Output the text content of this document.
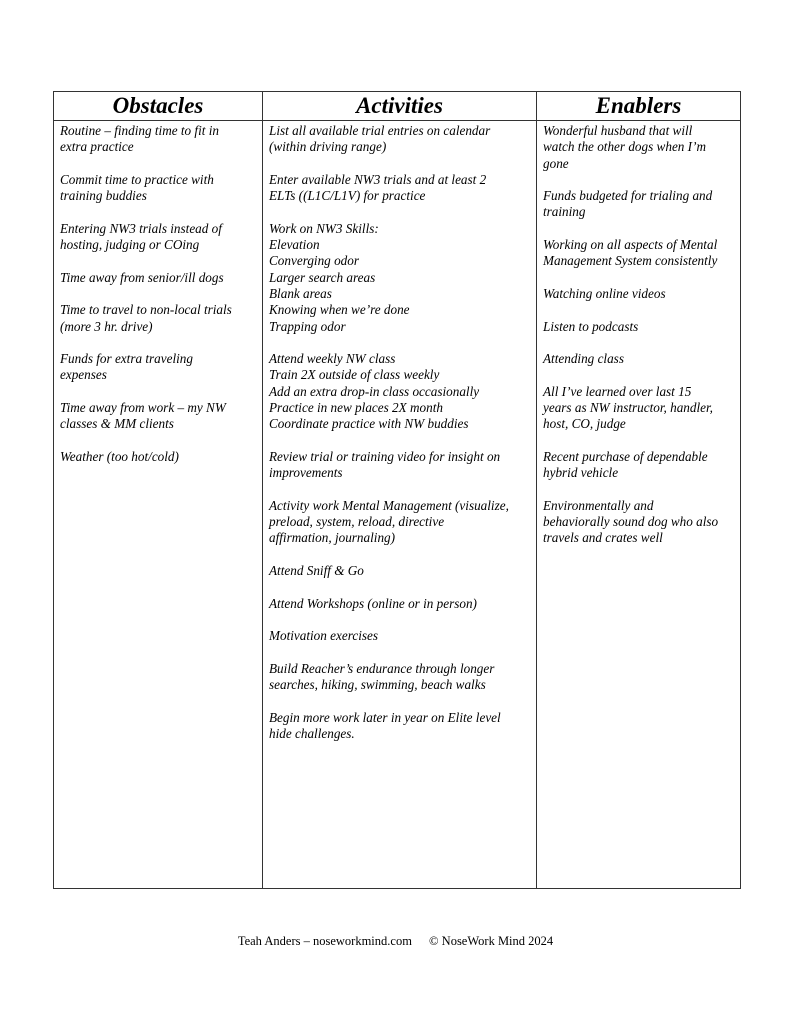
Obstacles	Activities	Enablers

Routine – finding time to fit in
extra practice

Commit time to practice with
training buddies

Entering NW3 trials instead of
hosting, judging or COing

Time away from senior/ill dogs

Time to travel to non-local trials
(more 3 hr. drive)

Funds for extra traveling
expenses

Time away from work – my NW
classes & MM clients

Weather (too hot/cold)

List all available trial entries on calendar
(within driving range)

Enter available NW3 trials and at least 2
ELTs ((L1C/L1V) for practice

Work on NW3 Skills:
Elevation
Converging odor
Larger search areas
Blank areas
Knowing when we’re done
Trapping odor

Attend weekly NW class
Train 2X outside of class weekly
Add an extra drop-in class occasionally
Practice in new places 2X month
Coordinate practice with NW buddies

Review trial or training video for insight on
improvements

Activity work Mental Management (visualize,
preload, system, reload, directive
affirmation, journaling)

Attend Sniff & Go

Attend Workshops (online or in person)

Motivation exercises

Build Reacher’s endurance through longer
searches, hiking, swimming, beach walks

Begin more work later in year on Elite level
hide challenges.

Wonderful husband that will
watch the other dogs when I’m
gone

Funds budgeted for trialing and
training

Working on all aspects of Mental
Management System consistently

Watching online videos

Listen to podcasts

Attending class

All I’ve learned over last 15
years as NW instructor, handler,
host, CO, judge

Recent purchase of dependable
hybrid vehicle

Environmentally and
behaviorally sound dog who also
travels and crates well

Teah Anders – noseworkmind.com © NoseWork Mind 2024
